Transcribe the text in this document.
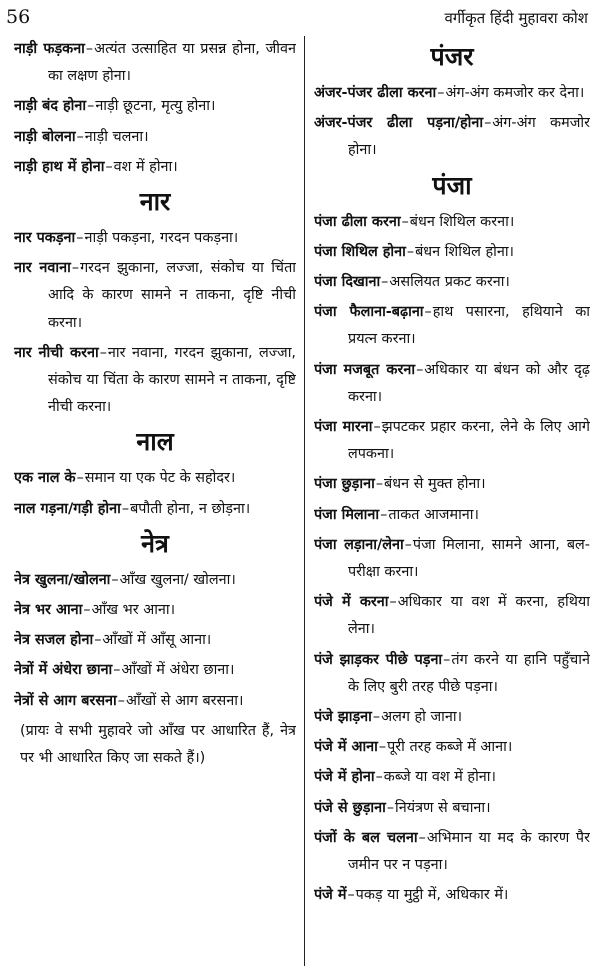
56	वर्गीकृत हिंदी मुहावरा कोश

नाड़ी फड़कना–अत्यंत उत्साहित या प्रसन्न होना, जीवन का लक्षण होना।

नाड़ी बंद होना–नाड़ी छूटना, मृत्यु होना।

नाड़ी बोलना–नाड़ी चलना।

नाड़ी हाथ में होना–वश में होना।

नार

नार पकड़ना–नाड़ी पकड़ना, गरदन पकड़ना।

नार नवाना–गरदन झुकाना, लज्जा, संकोच या चिंता आदि के कारण सामने न ताकना, दृष्टि नीची करना।

नार नीची करना–नार नवाना, गरदन झुकाना, लज्जा, संकोच या चिंता के कारण सामने न ताकना, दृष्टि नीची करना।

नाल

एक नाल के–समान या एक पेट के सहोदर।

नाल गड़ना/गड़ी होना–बपौती होना, न छोड़ना।

नेत्र

नेत्र खुलना/खोलना–आँख खुलना/ खोलना।

नेत्र भर आना–आँख भर आना।

नेत्र सजल होना–आँखों में आँसू आना।

नेत्रों में अंधेरा छाना–आँखों में अंधेरा छाना।

नेत्रों से आग बरसना–आँखों से आग बरसना।

(प्रायः वे सभी मुहावरे जो आँख पर आधारित हैं, नेत्र पर भी आधारित किए जा सकते हैं।)

पंजर

अंजर-पंजर ढीला करना–अंग-अंग कमजोर कर देना।

अंजर-पंजर ढीला पड़ना/होना–अंग-अंग कमजोर होना।

पंजा

पंजा ढीला करना–बंधन शिथिल करना।

पंजा शिथिल होना–बंधन शिथिल होना।

पंजा दिखाना–असलियत प्रकट करना।

पंजा फैलाना-बढ़ाना–हाथ पसारना, हथियाने का प्रयत्न करना।

पंजा मजबूत करना–अधिकार या बंधन को और दृढ़ करना।

पंजा मारना–झपटकर प्रहार करना, लेने के लिए आगे लपकना।

पंजा छुड़ाना–बंधन से मुक्त होना।

पंजा मिलाना–ताकत आजमाना।

पंजा लड़ाना/लेना–पंजा मिलाना, सामने आना, बल-परीक्षा करना।

पंजे में करना–अधिकार या वश में करना, हथिया लेना।

पंजे झाड़कर पीछे पड़ना–तंग करने या हानि पहुँचाने के लिए बुरी तरह पीछे पड़ना।

पंजे झाड़ना–अलग हो जाना।

पंजे में आना–पूरी तरह कब्जे में आना।

पंजे में होना–कब्जे या वश में होना।

पंजे से छुड़ाना–नियंत्रण से बचाना।

पंजों के बल चलना–अभिमान या मद के कारण पैर जमीन पर न पड़ना।

पंजे में–पकड़ या मुट्ठी में, अधिकार में।
